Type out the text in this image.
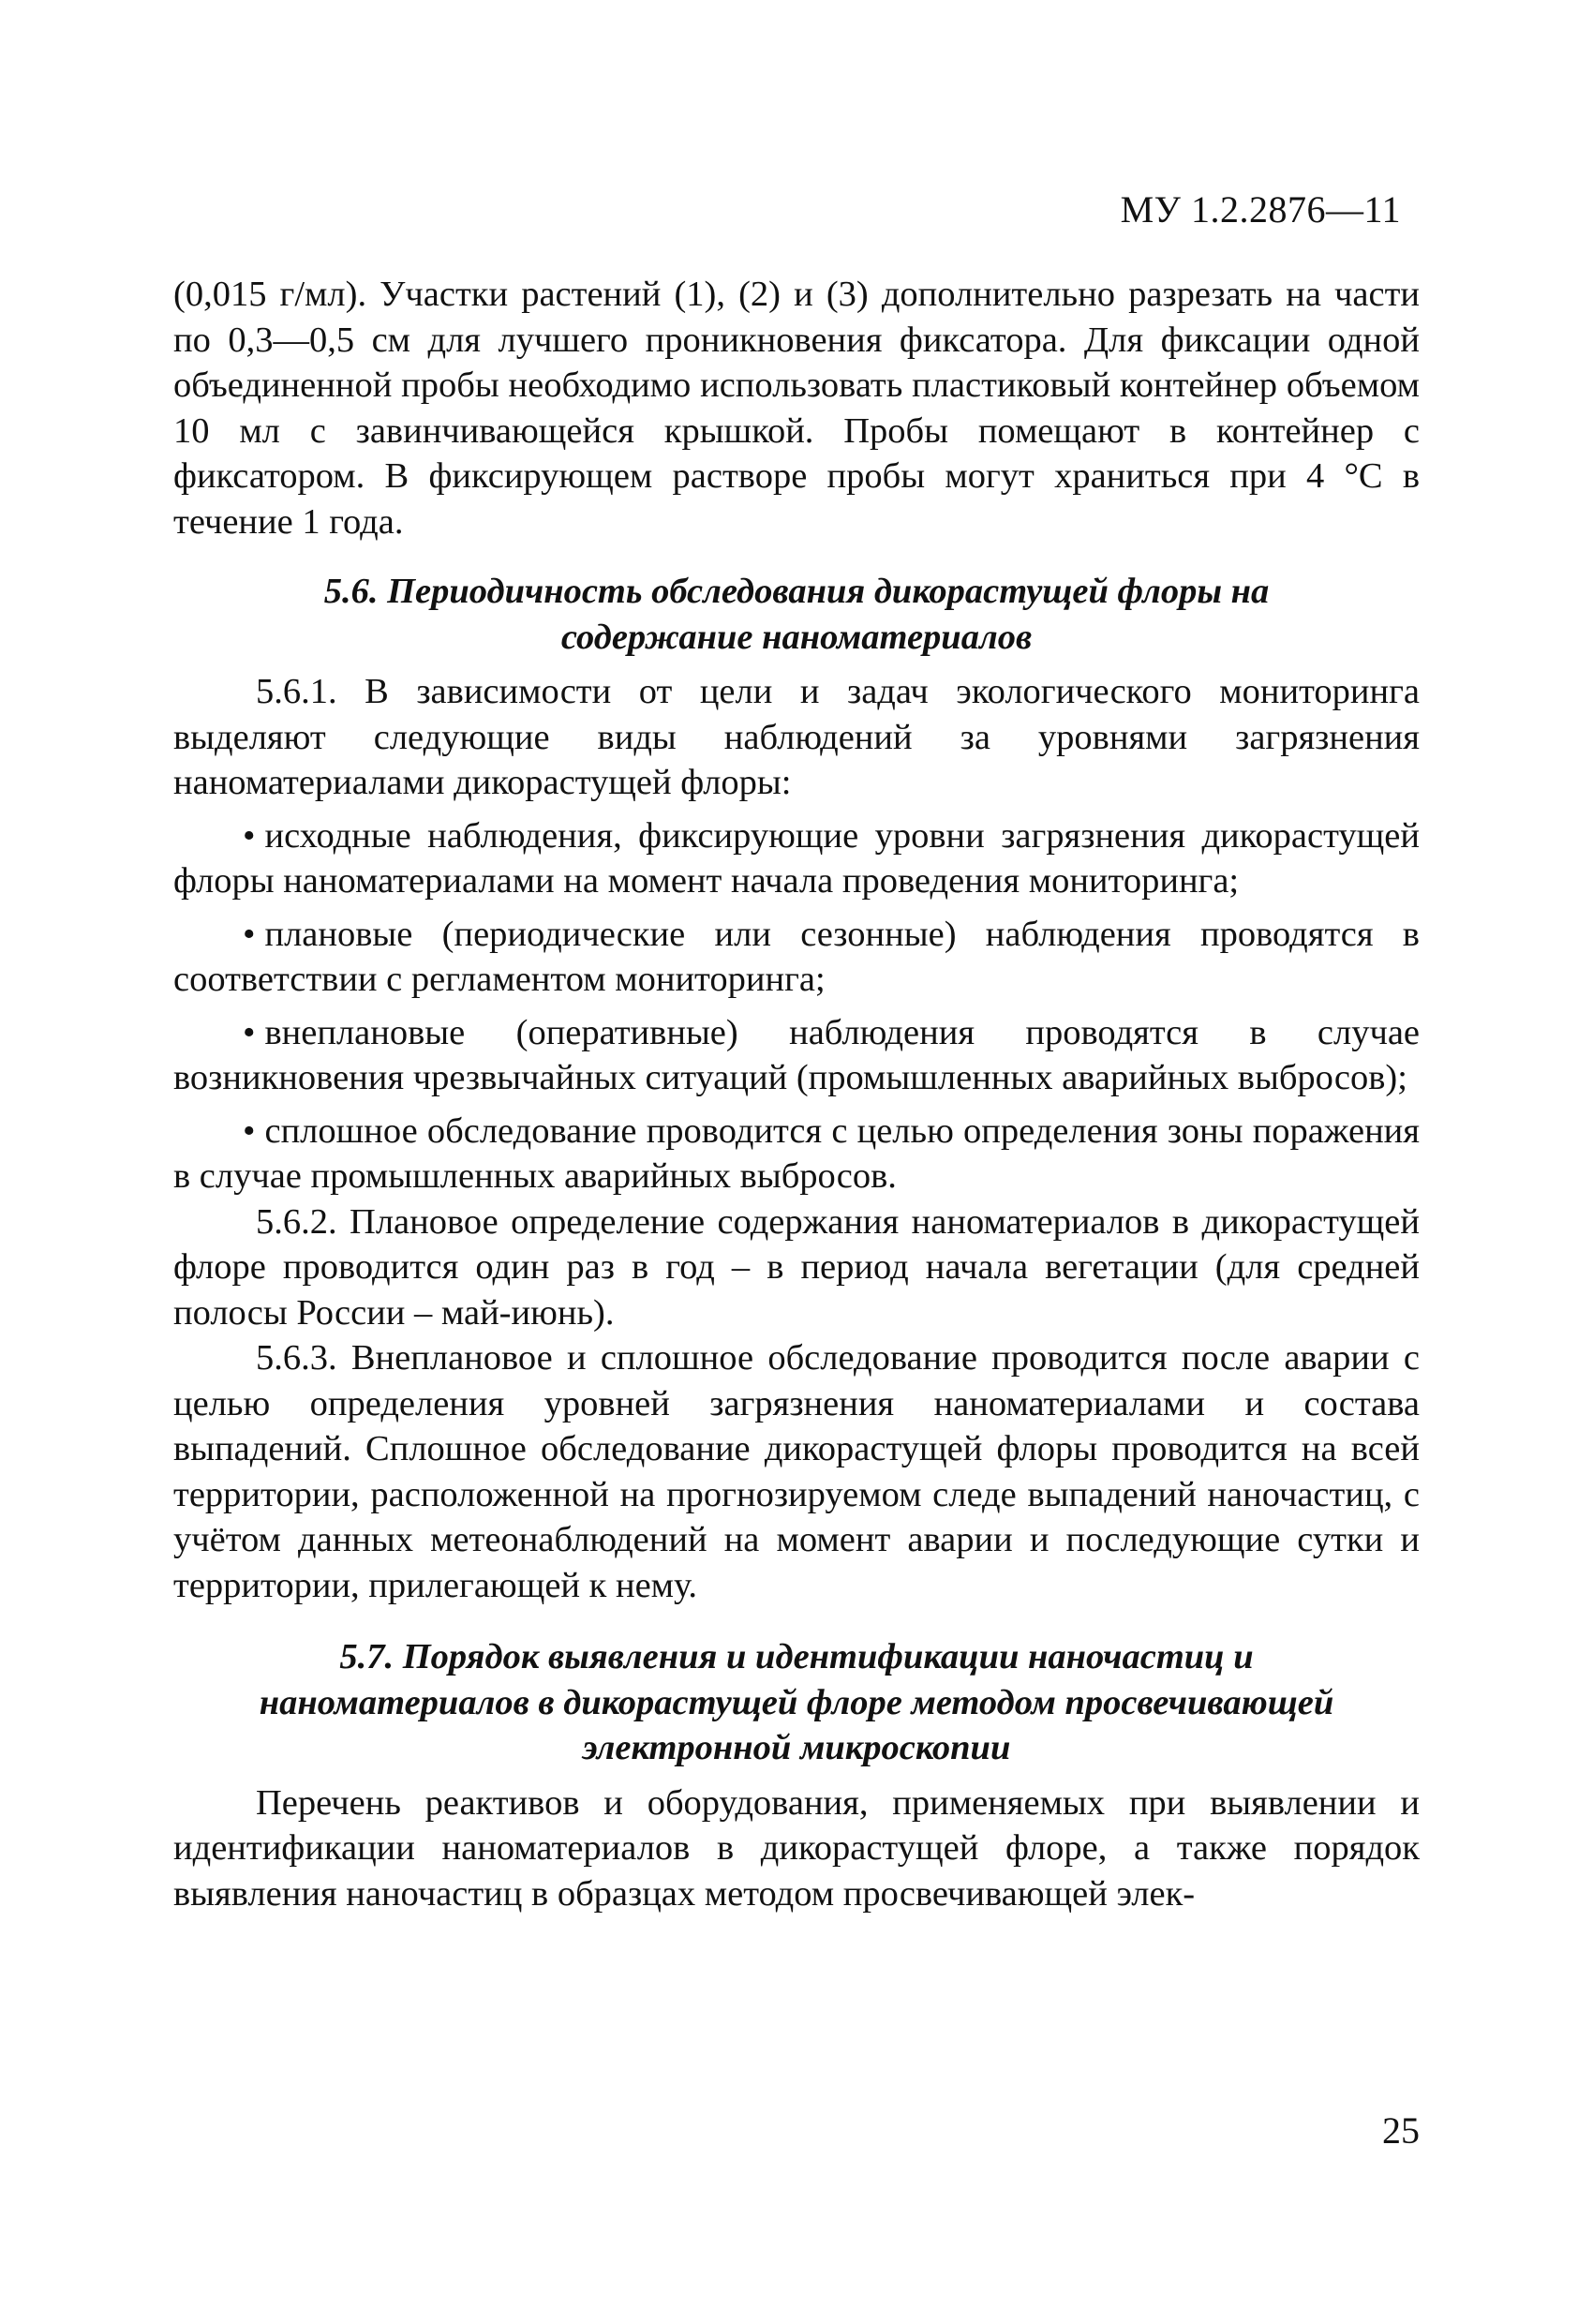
МУ 1.2.2876—11

(0,015 г/мл). Участки растений (1), (2) и (3) дополнительно разрезать на части по 0,3—0,5 см для лучшего проникновения фиксатора. Для фиксации одной объединенной пробы необходимо использовать пластиковый контейнер объемом 10 мл с завинчивающейся крышкой. Пробы помещают в контейнер с фиксатором. В фиксирующем растворе пробы могут храниться при 4 °С в течение 1 года.

5.6. Периодичность обследования дикорастущей флоры на
содержание наноматериалов

5.6.1. В зависимости от цели и задач экологического мониторинга выделяют следующие виды наблюдений за уровнями загрязнения наноматериалами дикорастущей флоры:

• исходные наблюдения, фиксирующие уровни загрязнения дикорастущей флоры наноматериалами на момент начала проведения мониторинга;

• плановые (периодические или сезонные) наблюдения проводятся в соответствии с регламентом мониторинга;

• внеплановые (оперативные) наблюдения проводятся в случае возникновения чрезвычайных ситуаций (промышленных аварийных выбросов);

• сплошное обследование проводится с целью определения зоны поражения в случае промышленных аварийных выбросов.

5.6.2. Плановое определение содержания наноматериалов в дикорастущей флоре проводится один раз в год – в период начала вегетации (для средней полосы России – май-июнь).

5.6.3. Внеплановое и сплошное обследование проводится после аварии с целью определения уровней загрязнения наноматериалами и состава выпадений. Сплошное обследование дикорастущей флоры проводится на всей территории, расположенной на прогнозируемом следе выпадений наночастиц, с учётом данных метеонаблюдений на момент аварии и последующие сутки и территории, прилегающей к нему.

5.7. Порядок выявления и идентификации наночастиц и
наноматериалов в дикорастущей флоре методом просвечивающей
электронной микроскопии

Перечень реактивов и оборудования, применяемых при выявлении и идентификации наноматериалов в дикорастущей флоре, а также порядок выявления наночастиц в образцах методом просвечивающей элек-

25
